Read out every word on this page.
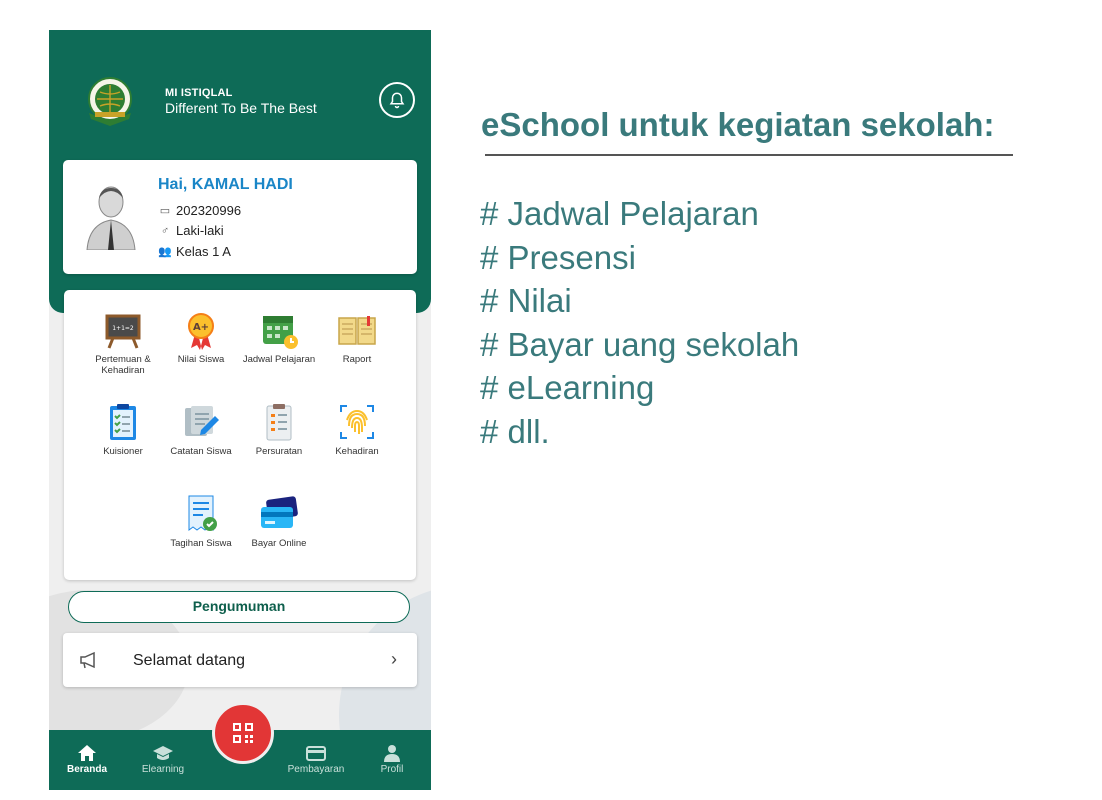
MI ISTIQLAL
Different To Be The Best
Hai, KAMAL HADI
▭ 202320996
♂ Laki-laki
👥 Kelas 1 A
1+1=2
Pertemuan & Kehadiran
A+
Nilai Siswa	Jadwal Pelajaran	Raport
Kuisioner	Catatan Siswa	Persuratan	Kehadiran
Tagihan Siswa	Bayar Online
Pengumuman
Selamat datang	›
Beranda	Elearning	Pembayaran	Profil
eSchool untuk kegiatan sekolah:
# Jadwal Pelajaran
# Presensi
# Nilai
# Bayar uang sekolah
# eLearning
# dll.
